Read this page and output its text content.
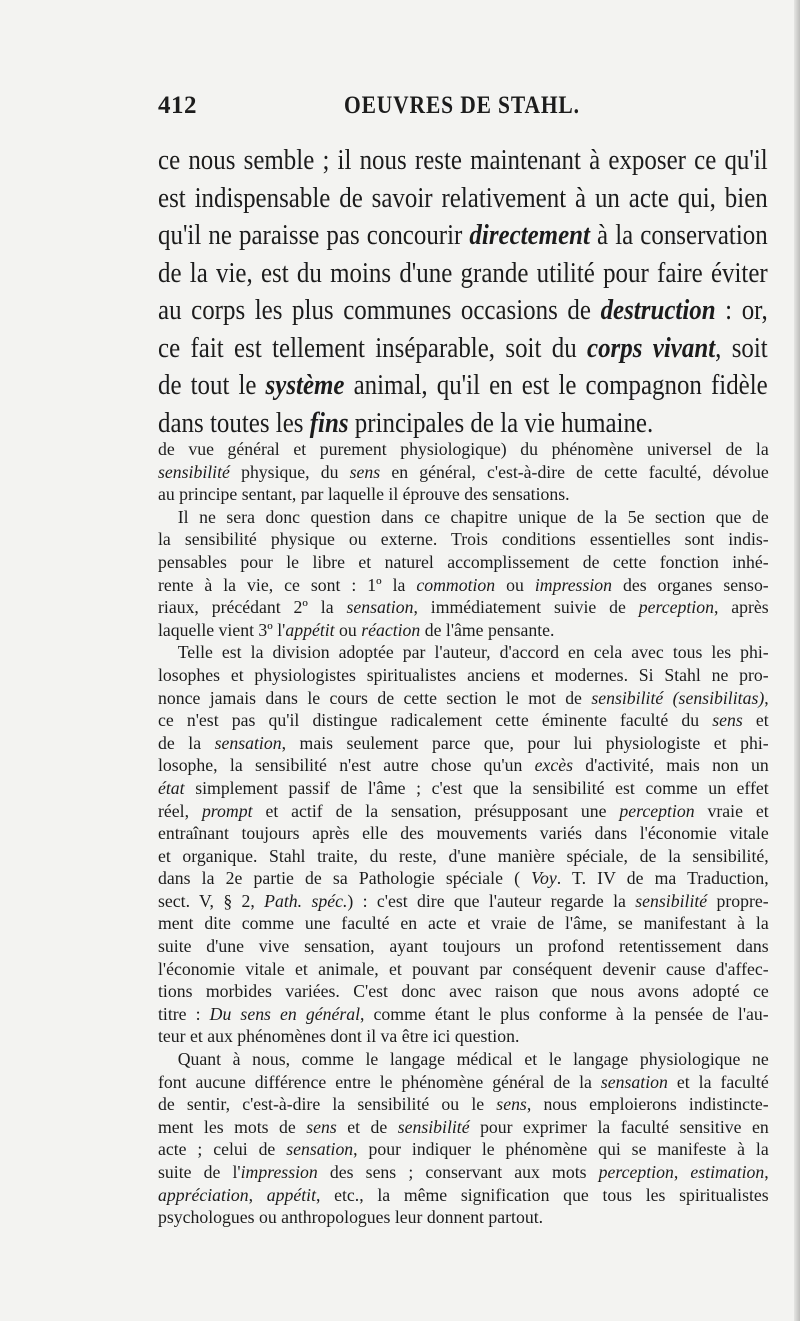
412	OEUVRES DE STAHL.
ce nous semble ; il nous reste maintenant à exposer ce qu'il
est indispensable de savoir relativement à un acte qui, bien
qu'il ne paraisse pas concourir directement à la conservation
de la vie, est du moins d'une grande utilité pour faire éviter
au corps les plus communes occasions de destruction : or,
ce fait est tellement inséparable, soit du corps vivant, soit
de tout le système animal, qu'il en est le compagnon fidèle
dans toutes les fins principales de la vie humaine.
de vue général et purement physiologique) du phénomène universel de la
sensibilité physique, du sens en général, c'est-à-dire de cette faculté, dévolue
au principe sentant, par laquelle il éprouve des sensations.
Il ne sera donc question dans ce chapitre unique de la 5e section que de
la sensibilité physique ou externe. Trois conditions essentielles sont indis-
pensables pour le libre et naturel accomplissement de cette fonction inhé-
rente à la vie, ce sont : 1º la commotion ou impression des organes senso-
riaux, précédant 2º la sensation, immédiatement suivie de perception, après
laquelle vient 3º l'appétit ou réaction de l'âme pensante.
Telle est la division adoptée par l'auteur, d'accord en cela avec tous les phi-
losophes et physiologistes spiritualistes anciens et modernes. Si Stahl ne pro-
nonce jamais dans le cours de cette section le mot de sensibilité (sensibilitas),
ce n'est pas qu'il distingue radicalement cette éminente faculté du sens et
de la sensation, mais seulement parce que, pour lui physiologiste et phi-
losophe, la sensibilité n'est autre chose qu'un excès d'activité, mais non un
état simplement passif de l'âme ; c'est que la sensibilité est comme un effet
réel, prompt et actif de la sensation, présupposant une perception vraie et
entraînant toujours après elle des mouvements variés dans l'économie vitale
et organique. Stahl traite, du reste, d'une manière spéciale, de la sensibilité,
dans la 2e partie de sa Pathologie spéciale ( Voy. T. IV de ma Traduction,
sect. V, § 2, Path. spéc.) : c'est dire que l'auteur regarde la sensibilité propre-
ment dite comme une faculté en acte et vraie de l'âme, se manifestant à la
suite d'une vive sensation, ayant toujours un profond retentissement dans
l'économie vitale et animale, et pouvant par conséquent devenir cause d'affec-
tions morbides variées. C'est donc avec raison que nous avons adopté ce
titre : Du sens en général, comme étant le plus conforme à la pensée de l'au-
teur et aux phénomènes dont il va être ici question.
Quant à nous, comme le langage médical et le langage physiologique ne
font aucune différence entre le phénomène général de la sensation et la faculté
de sentir, c'est-à-dire la sensibilité ou le sens, nous emploierons indistincte-
ment les mots de sens et de sensibilité pour exprimer la faculté sensitive en
acte ; celui de sensation, pour indiquer le phénomène qui se manifeste à la
suite de l'impression des sens ; conservant aux mots perception, estimation,
appréciation, appétit, etc., la même signification que tous les spiritualistes
psychologues ou anthropologues leur donnent partout.
